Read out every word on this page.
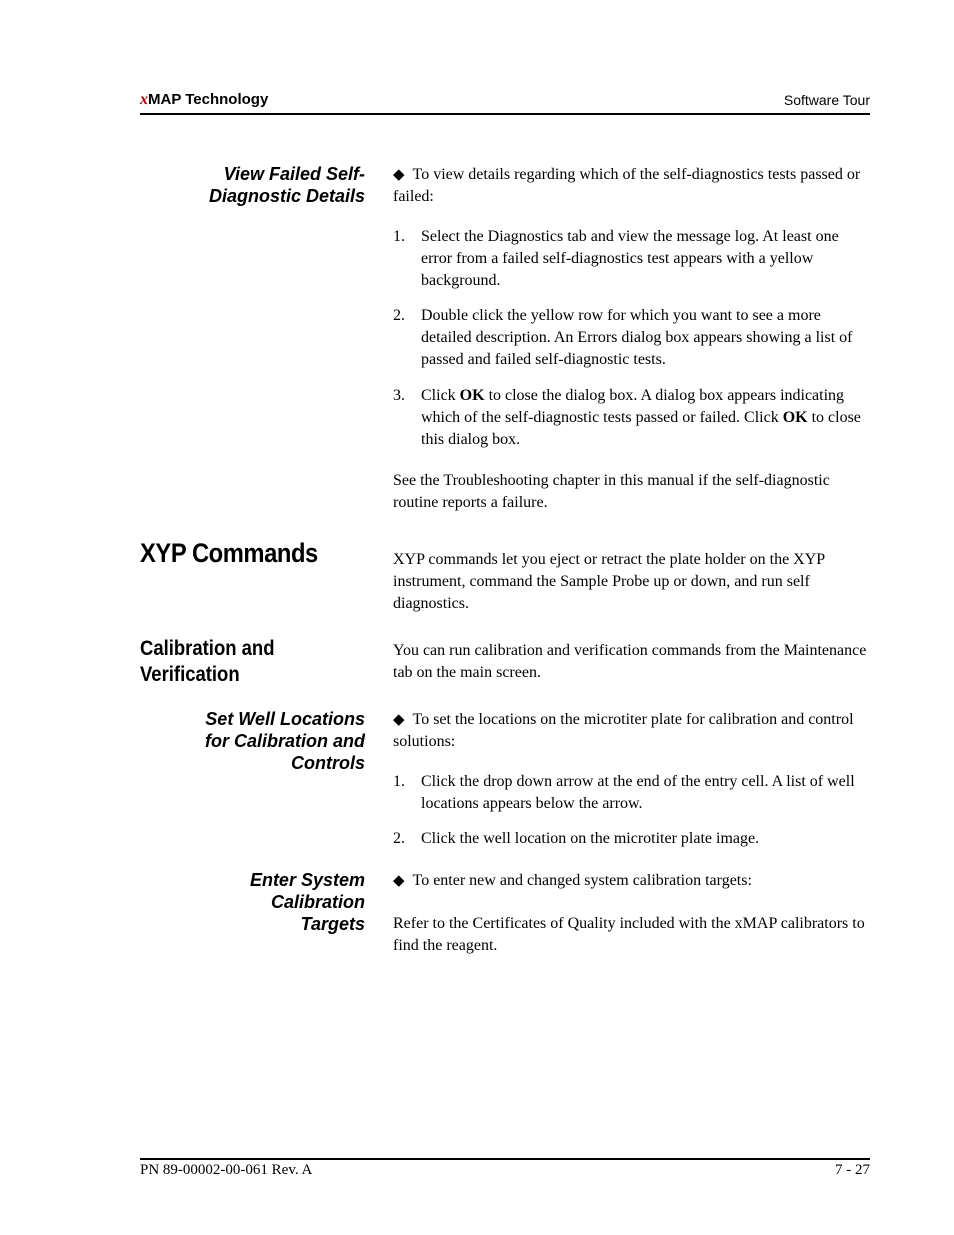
xMAP Technology	Software Tour
View Failed Self-
Diagnostic Details
◆ To view details regarding which of the self-diagnostics tests passed or failed:
1. Select the Diagnostics tab and view the message log. At least one error from a failed self-diagnostics test appears with a yellow background.
2. Double click the yellow row for which you want to see a more detailed description. An Errors dialog box appears showing a list of passed and failed self-diagnostic tests.
3. Click OK to close the dialog box. A dialog box appears indicating which of the self-diagnostic tests passed or failed. Click OK to close this dialog box.
See the Troubleshooting chapter in this manual if the self-diagnostic routine reports a failure.
XYP Commands	XYP commands let you eject or retract the plate holder on the XYP instrument, command the Sample Probe up or down, and run self diagnostics.
Calibration and
Verification
You can run calibration and verification commands from the Maintenance tab on the main screen.
Set Well Locations
for Calibration and
Controls
◆ To set the locations on the microtiter plate for calibration and control solutions:
1. Click the drop down arrow at the end of the entry cell. A list of well locations appears below the arrow.
2. Click the well location on the microtiter plate image.
Enter System
Calibration
Targets
◆ To enter new and changed system calibration targets:
Refer to the Certificates of Quality included with the xMAP calibrators to find the reagent.
PN 89-00002-00-061 Rev. A	7 - 27
